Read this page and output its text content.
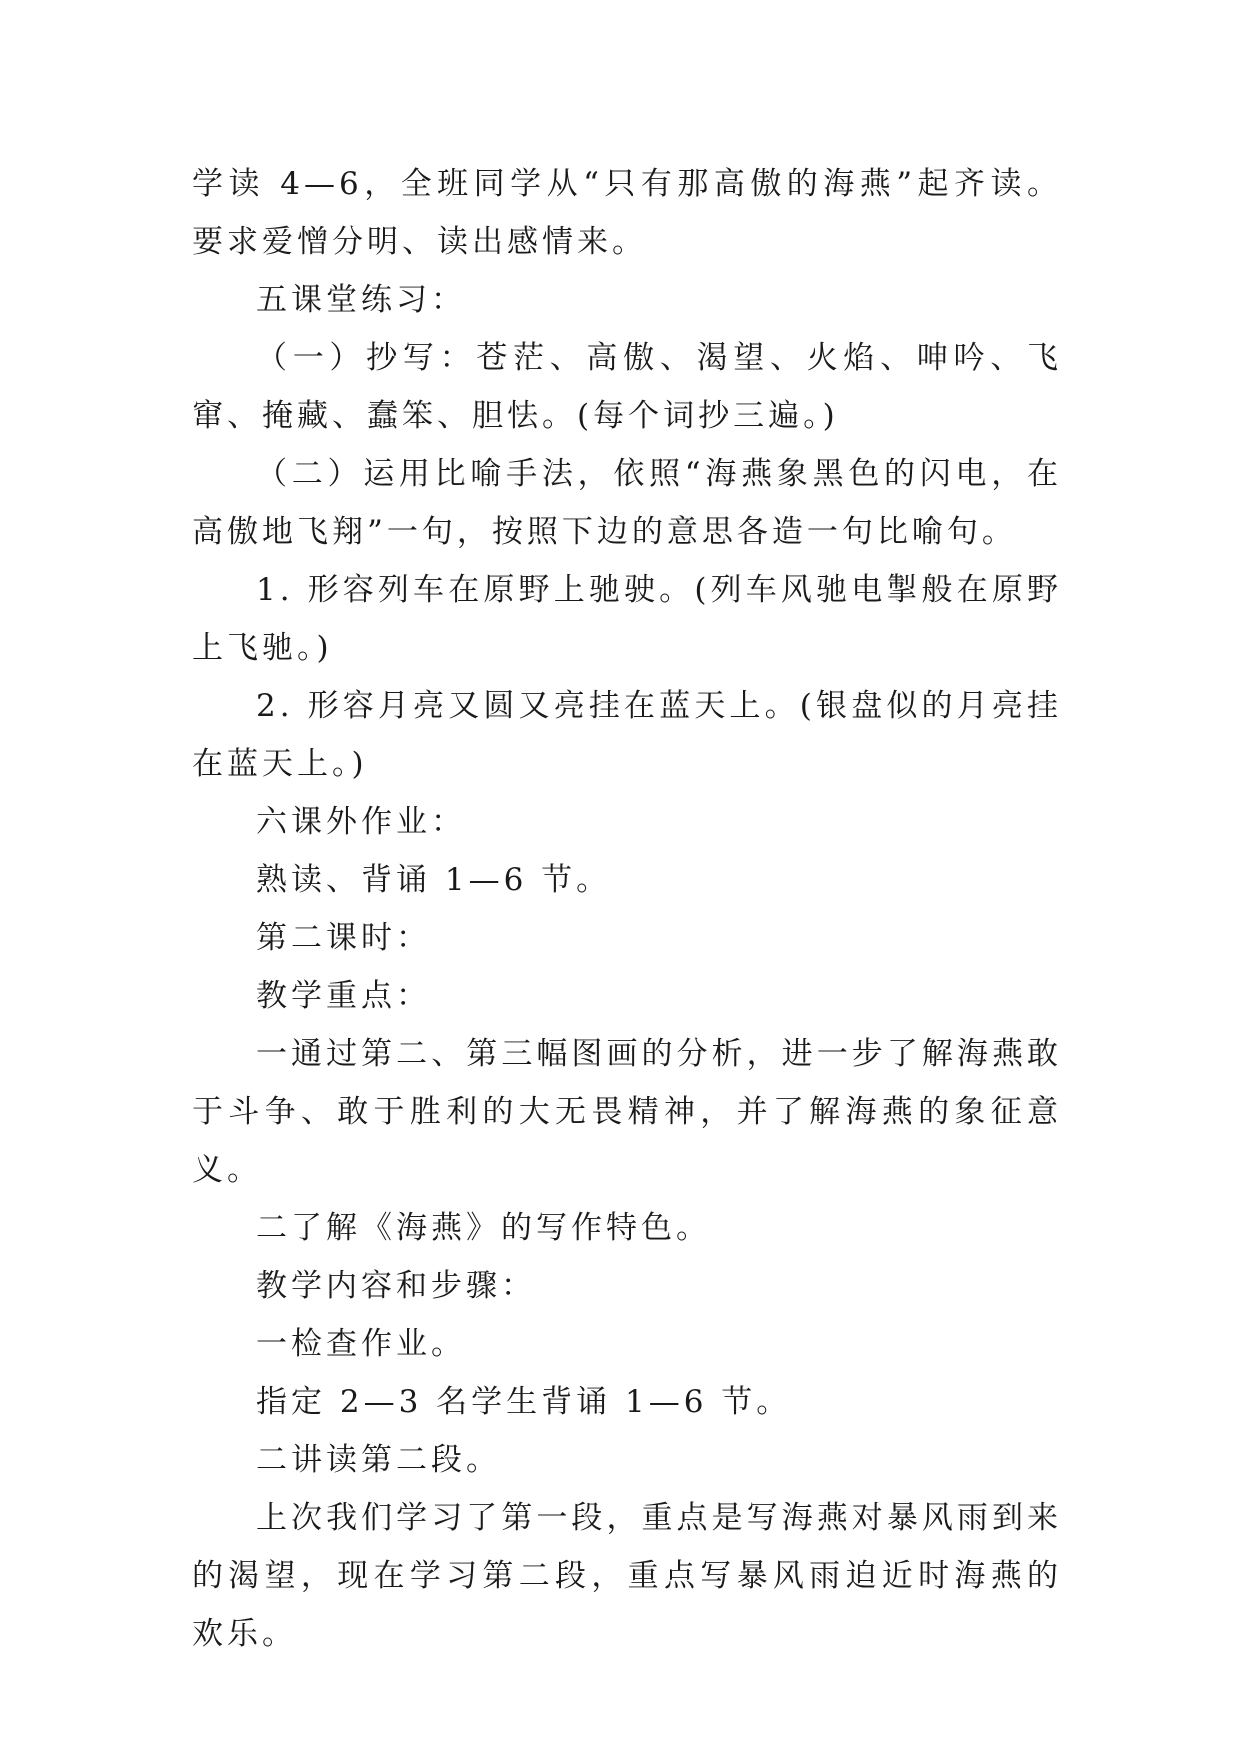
学读 4—6，全班同学从“只有那高傲的海燕”起齐读。要求爱憎分明、读出感情来。

五课堂练习：

（一）抄写：苍茫、高傲、渴望、火焰、呻吟、飞窜、掩藏、蠢笨、胆怯。(每个词抄三遍。)

（二）运用比喻手法，依照“海燕象黑色的闪电，在高傲地飞翔”一句，按照下边的意思各造一句比喻句。

1. 形容列车在原野上驰驶。(列车风驰电掣般在原野上飞驰。)

2. 形容月亮又圆又亮挂在蓝天上。(银盘似的月亮挂在蓝天上。)

六课外作业：

熟读、背诵 1—6 节。

第二课时：

教学重点：

一通过第二、第三幅图画的分析，进一步了解海燕敢于斗争、敢于胜利的大无畏精神，并了解海燕的象征意义。

二了解《海燕》的写作特色。

教学内容和步骤：

一检查作业。

指定 2—3 名学生背诵 1—6 节。

二讲读第二段。

上次我们学习了第一段，重点是写海燕对暴风雨到来的渴望，现在学习第二段，重点写暴风雨迫近时海燕的欢乐。
